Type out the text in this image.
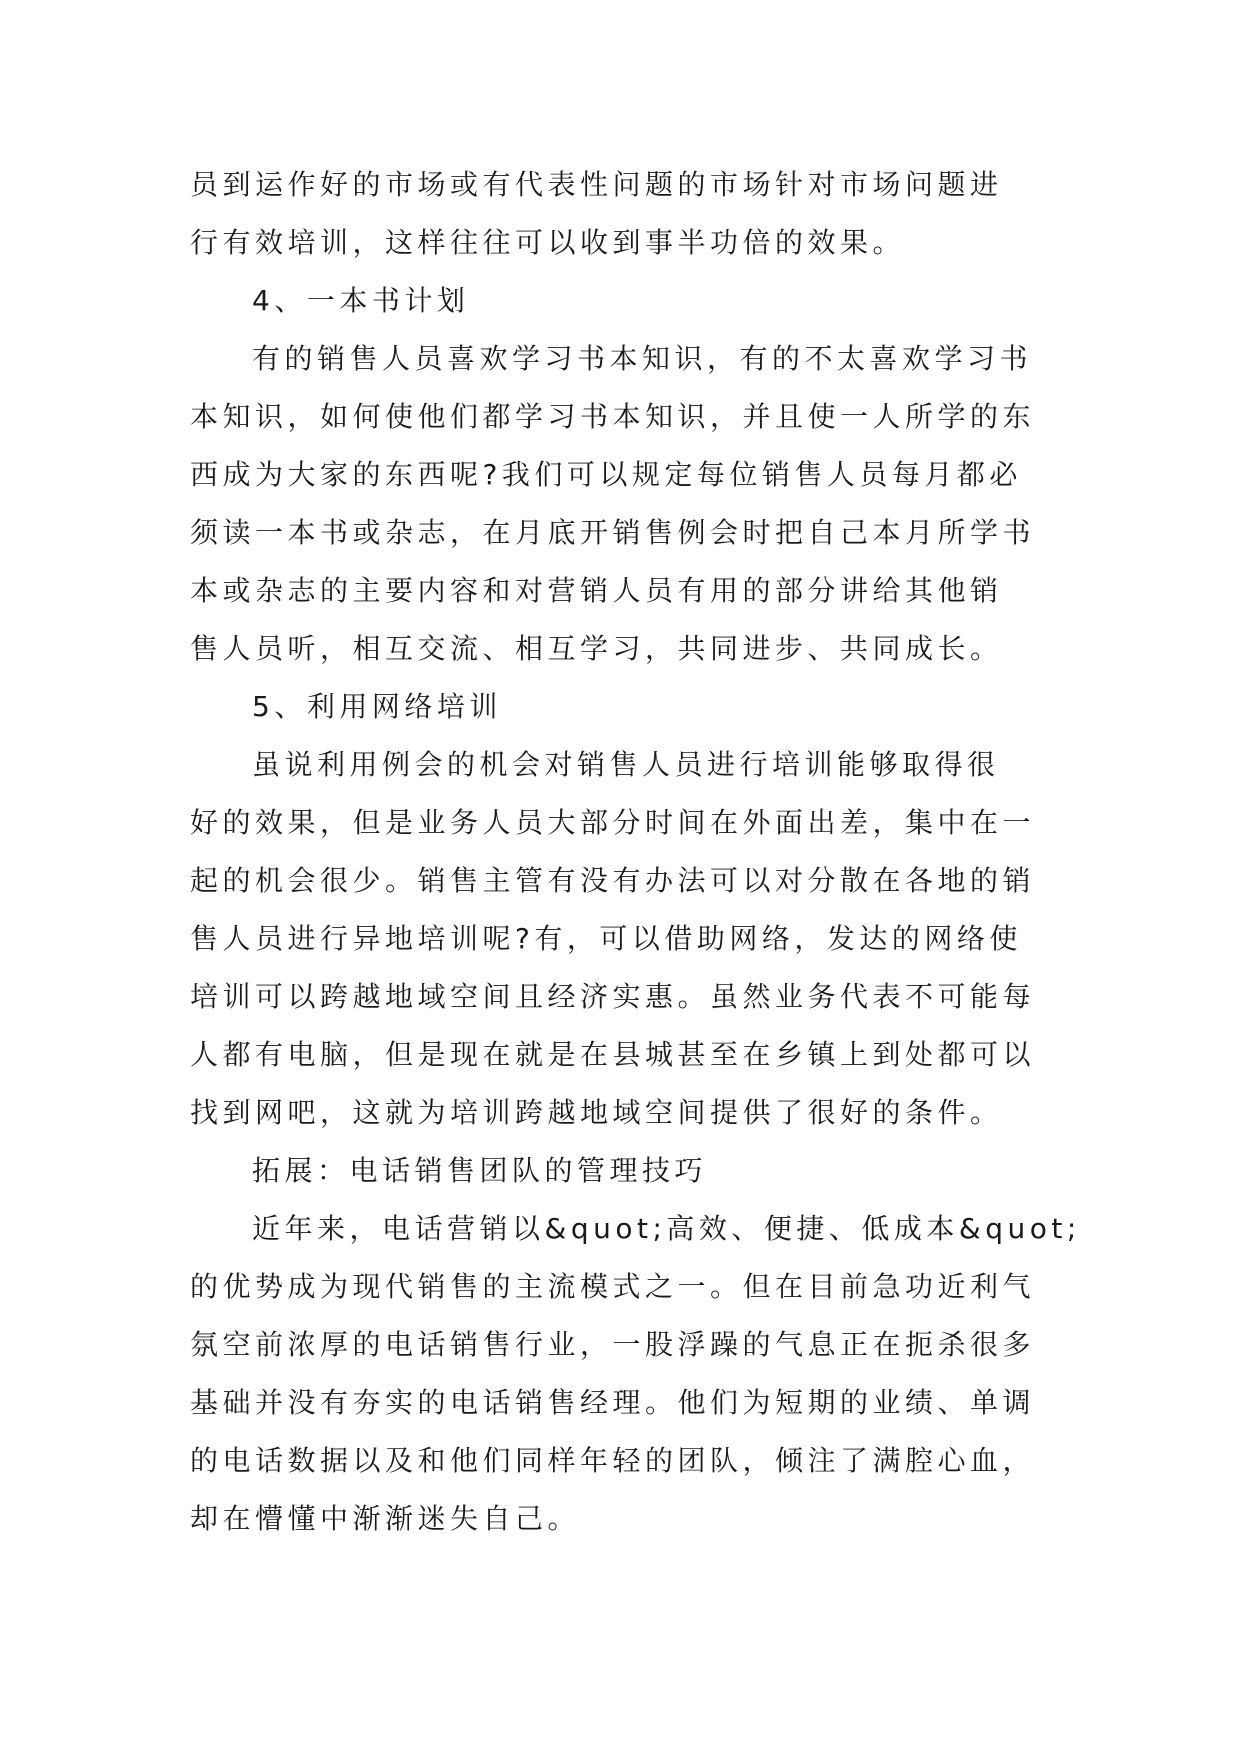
员到运作好的市场或有代表性问题的市场针对市场问题进
行有效培训，这样往往可以收到事半功倍的效果。
4、一本书计划
有的销售人员喜欢学习书本知识，有的不太喜欢学习书
本知识，如何使他们都学习书本知识，并且使一人所学的东
西成为大家的东西呢?我们可以规定每位销售人员每月都必
须读一本书或杂志，在月底开销售例会时把自己本月所学书
本或杂志的主要内容和对营销人员有用的部分讲给其他销
售人员听，相互交流、相互学习，共同进步、共同成长。
5、利用网络培训
虽说利用例会的机会对销售人员进行培训能够取得很
好的效果，但是业务人员大部分时间在外面出差，集中在一
起的机会很少。销售主管有没有办法可以对分散在各地的销
售人员进行异地培训呢?有，可以借助网络，发达的网络使
培训可以跨越地域空间且经济实惠。虽然业务代表不可能每
人都有电脑，但是现在就是在县城甚至在乡镇上到处都可以
找到网吧，这就为培训跨越地域空间提供了很好的条件。
拓展：电话销售团队的管理技巧
近年来，电话营销以&quot;高效、便捷、低成本&quot;
的优势成为现代销售的主流模式之一。但在目前急功近利气
氛空前浓厚的电话销售行业，一股浮躁的气息正在扼杀很多
基础并没有夯实的电话销售经理。他们为短期的业绩、单调
的电话数据以及和他们同样年轻的团队，倾注了满腔心血，
却在懵懂中渐渐迷失自己。
